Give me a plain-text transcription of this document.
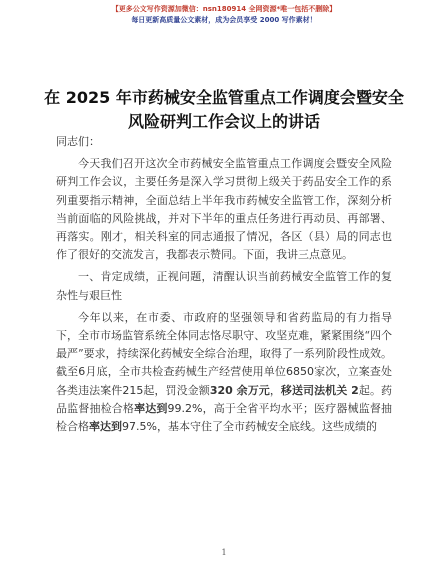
【更多公文写作资源加微信：nsn180914 全网资源*唯一包括不删除】
每日更新高质量公文素材，成为会员享受 2000 写作素材！
在 2025 年市药械安全监管重点工作调度会暨安全风险研判工作会议上的讲话

同志们：

今天我们召开这次全市药械安全监管重点工作调度会暨安全风险研判工作会议，主要任务是深入学习贯彻上级关于药品安全工作的系列重要指示精神，全面总结上半年我市药械安全监管工作，深刻分析当前面临的风险挑战，并对下半年的重点任务进行再动员、再部署、再落实。刚才，相关科室的同志通报了情况，各区（县）局的同志也作了很好的交流发言，我都表示赞同。下面，我讲三点意见。

一、肯定成绩，正视问题，清醒认识当前药械安全监管工作的复杂性与艰巨性

今年以来，在市委、市政府的坚强领导和省药监局的有力指导下，全市市场监管系统全体同志恪尽职守、攻坚克难，紧紧围绕“四个最严”要求，持续深化药械安全综合治理，取得了一系列阶段性成效。截至6月底，全市共检查药械生产经营使用单位6850家次，立案查处各类违法案件215起，罚没金额320 余万元，移送司法机关 2起。药品监督抽检合格率达到99.2%，高于全省平均水平；医疗器械监督抽检合格率达到97.5%，基本守住了全市药械安全底线。这些成绩的

1
